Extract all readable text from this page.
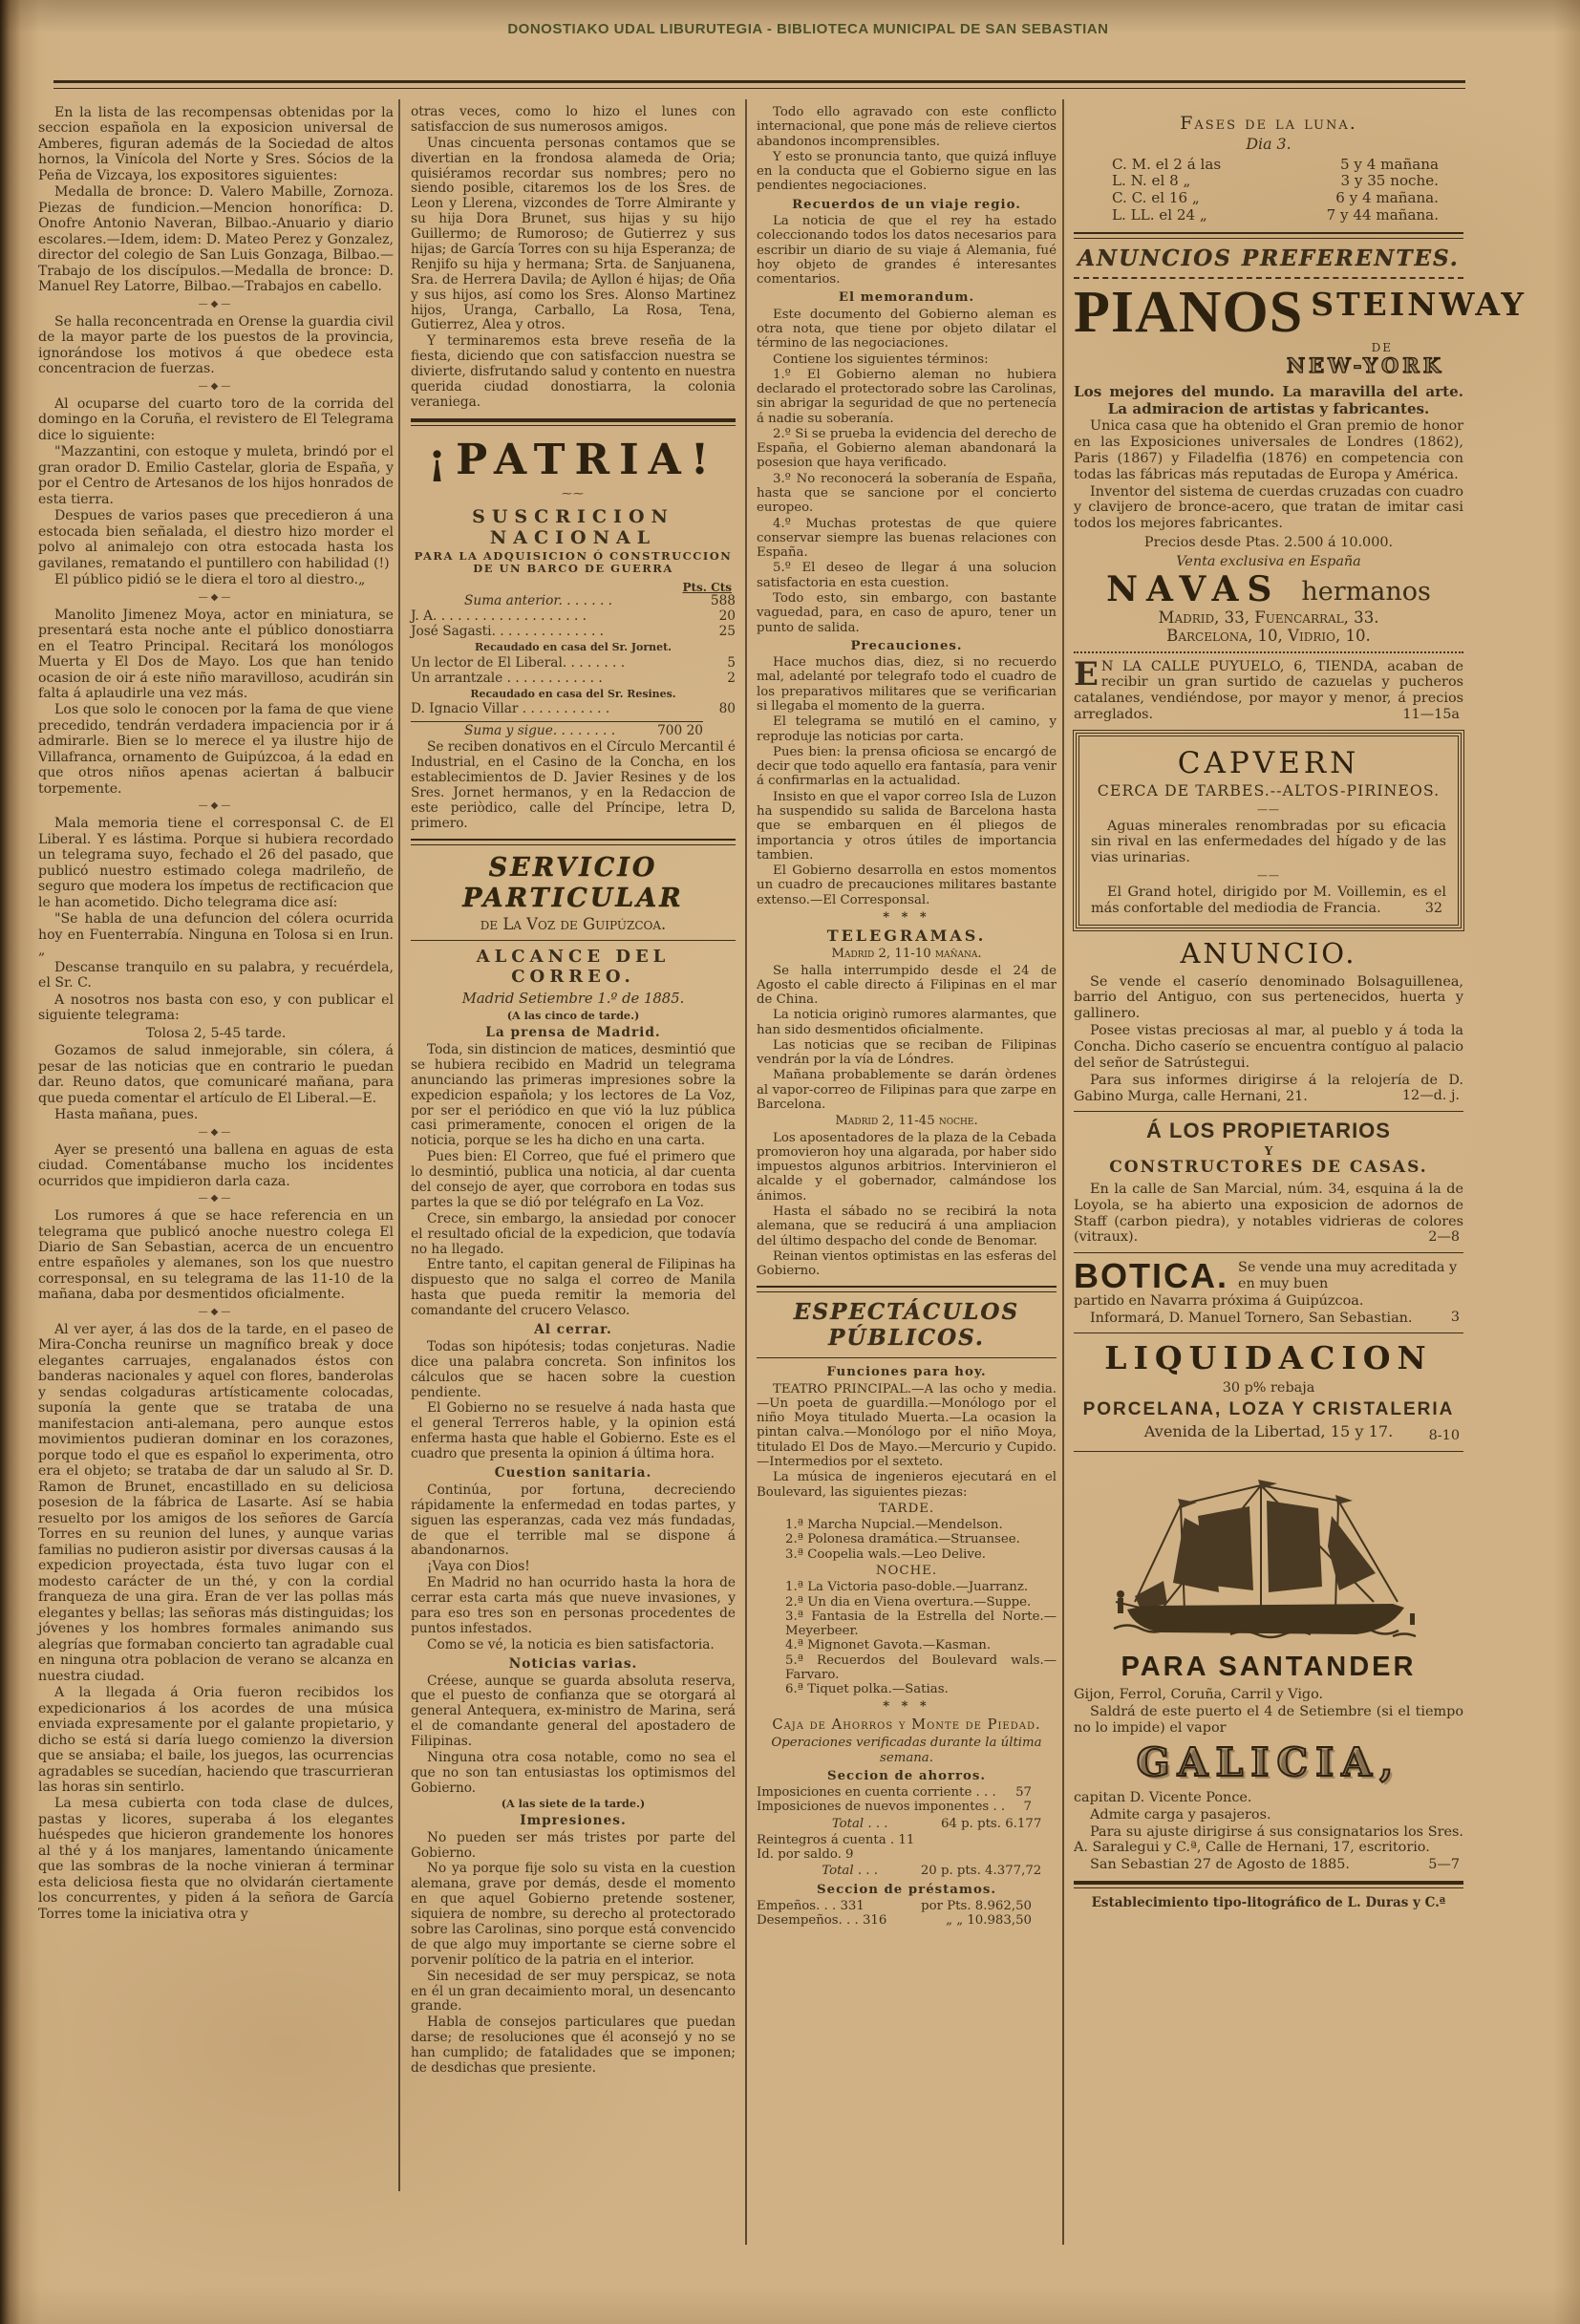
DONOSTIAKO UDAL LIBURUTEGIA - BIBLIOTECA MUNICIPAL DE SAN SEBASTIAN
En la lista de las recompensas obtenidas por la seccion española en la exposicion universal de Amberes, figuran además de la Sociedad de altos hornos, la Vinícola del Norte y Sres. Sócios de la Peña de Vizcaya, los expositores siguientes:
Medalla de bronce: D. Valero Mabille, Zornoza. Piezas de fundicion.—Mencion honorífica: D. Onofre Antonio Naveran, Bilbao.-Anuario y diario escolares.—Idem, idem: D. Mateo Perez y Gonzalez, director del colegio de San Luis Gonzaga, Bilbao.—Trabajo de los discípulos.—Medalla de bronce: D. Manuel Rey Latorre, Bilbao.—Trabajos en cabello.
—◆—
Se halla reconcentrada en Orense la guardia civil de la mayor parte de los puestos de la provincia, ignorándose los motivos á que obedece esta concentracion de fuerzas.
—◆—
Al ocuparse del cuarto toro de la corrida del domingo en la Coruña, el revistero de El Telegrama dice lo siguiente:
"Mazzantini, con estoque y muleta, brindó por el gran orador D. Emilio Castelar, gloria de España, y por el Centro de Artesanos de los hijos honrados de esta tierra.
Despues de varios pases que precedieron á una estocada bien señalada, el diestro hizo morder el polvo al animalejo con otra estocada hasta los gavilanes, rematando el puntillero con habilidad (!)
El público pidió se le diera el toro al diestro.„
—◆—
Manolito Jimenez Moya, actor en miniatura, se presentará esta noche ante el público donostiarra en el Teatro Principal. Recitará los monólogos Muerta y El Dos de Mayo. Los que han tenido ocasion de oir á este niño maravilloso, acudirán sin falta á aplaudirle una vez más.
Los que solo le conocen por la fama de que viene precedido, tendrán verdadera impaciencia por ir á admirarle. Bien se lo merece el ya ilustre hijo de Villafranca, ornamento de Guipúzcoa, á la edad en que otros niños apenas aciertan á balbucir torpemente.
—◆—
Mala memoria tiene el corresponsal C. de El Liberal. Y es lástima. Porque si hubiera recordado un telegrama suyo, fechado el 26 del pasado, que publicó nuestro estimado colega madrileño, de seguro que modera los ímpetus de rectificacion que le han acometido. Dicho telegrama dice así:
"Se habla de una defuncion del cólera ocurrida hoy en Fuenterrabía. Ninguna en Tolosa si en Irun.„
Descanse tranquilo en su palabra, y recuérdela, el Sr. C.
A nosotros nos basta con eso, y con publicar el siguiente telegrama:
Tolosa 2, 5-45 tarde.
Gozamos de salud inmejorable, sin cólera, á pesar de las noticias que en contrario le puedan dar. Reuno datos, que comunicaré mañana, para que pueda comentar el artículo de El Liberal.—E.
Hasta mañana, pues.
—◆—
Ayer se presentó una ballena en aguas de esta ciudad. Comentábanse mucho los incidentes ocurridos que impidieron darla caza.
—◆—
Los rumores á que se hace referencia en un telegrama que publicó anoche nuestro colega El Diario de San Sebastian, acerca de un encuentro entre españoles y alemanes, son los que nuestro corresponsal, en su telegrama de las 11-10 de la mañana, daba por desmentidos oficialmente.
—◆—
Al ver ayer, á las dos de la tarde, en el paseo de Mira-Concha reunirse un magnífico break y doce elegantes carruajes, engalanados éstos con banderas nacionales y aquel con flores, banderolas y sendas colgaduras artísticamente colocadas, suponía la gente que se trataba de una manifestacion anti-alemana, pero aunque estos movimientos pudieran dominar en los corazones, porque todo el que es español lo experimenta, otro era el objeto; se trataba de dar un saludo al Sr. D. Ramon de Brunet, encastillado en su deliciosa posesion de la fábrica de Lasarte. Así se habia resuelto por los amigos de los señores de García Torres en su reunion del lunes, y aunque varias familias no pudieron asistir por diversas causas á la expedicion proyectada, ésta tuvo lugar con el modesto carácter de un thé, y con la cordial franqueza de una gira. Eran de ver las pollas más elegantes y bellas; las señoras más distinguidas; los jóvenes y los hombres formales animando sus alegrías que formaban concierto tan agradable cual en ninguna otra poblacion de verano se alcanza en nuestra ciudad.
A la llegada á Oria fueron recibidos los expedicionarios á los acordes de una música enviada expresamente por el galante propietario, y dicho se está si daría luego comienzo la diversion que se ansiaba; el baile, los juegos, las ocurrencias agradables se sucedían, haciendo que trascurrieran las horas sin sentirlo.
La mesa cubierta con toda clase de dulces, pastas y licores, superaba á los elegantes huéspedes que hicieron grandemente los honores al thé y á los manjares, lamentando únicamente que las sombras de la noche vinieran á terminar esta deliciosa fiesta que no olvidarán ciertamente los concurrentes, y piden á la señora de García Torres tome la iniciativa otra y
otras veces, como lo hizo el lunes con satisfaccion de sus numerosos amigos.
Unas cincuenta personas contamos que se divertian en la frondosa alameda de Oria; quisiéramos recordar sus nombres; pero no siendo posible, citaremos los de los Sres. de Leon y Llerena, vizcondes de Torre Almirante y su hija Dora Brunet, sus hijas y su hijo Guillermo; de Rumoroso; de Gutierrez y sus hijas; de García Torres con su hija Esperanza; de Renjifo su hija y hermana; Srta. de Sanjuanena, Sra. de Herrera Davila; de Ayllon é hijas; de Oña y sus hijos, así como los Sres. Alonso Martinez hijos, Uranga, Carballo, La Rosa, Tena, Gutierrez, Alea y otros.
Y terminaremos esta breve reseña de la fiesta, diciendo que con satisfaccion nuestra se divierte, disfrutando salud y contento en nuestra querida ciudad donostiarra, la colonia veraniega.
¡PATRIA!
⁓⁓
SUSCRICION NACIONAL
PARA LA ADQUISICION Ó CONSTRUCCION DE UN BARCO DE GUERRA
Pts. Cts
Suma anterior. . . . . . .	588
J. A. . . . . . . . . . . . . . . . . . .	20
José Sagasti. . . . . . . . . . . . . .	25
Recaudado en casa del Sr. Jornet.
Un lector de El Liberal. . . . . . . .	5
Un arrantzale . . . . . . . . . . . .	2
Recaudado en casa del Sr. Resines.
D. Ignacio Villar . . . . . . . . . . .	80
Suma y sigue. . . . . . . .	700 20
Se reciben donativos en el Círculo Mercantil é Industrial, en el Casino de la Concha, en los establecimientos de D. Javier Resines y de los Sres. Jornet hermanos, y en la Redaccion de este periòdico, calle del Príncipe, letra D, primero.
SERVICIO PARTICULAR
de La Voz de Guipúzcoa.
ALCANCE DEL CORREO.
Madrid Setiembre 1.º de 1885.
(A las cinco de tarde.)
La prensa de Madrid.
Toda, sin distincion de matices, desmintió que se hubiera recibido en Madrid un telegrama anunciando las primeras impresiones sobre la expedicion española; y los lectores de La Voz, por ser el periódico en que vió la luz pública casi primeramente, conocen el origen de la noticia, porque se les ha dicho en una carta.
Pues bien: El Correo, que fué el primero que lo desmintió, publica una noticia, al dar cuenta del consejo de ayer, que corrobora en todas sus partes la que se dió por telégrafo en La Voz.
Crece, sin embargo, la ansiedad por conocer el resultado oficial de la expedicion, que todavía no ha llegado.
Entre tanto, el capitan general de Filipinas ha dispuesto que no salga el correo de Manila hasta que pueda remitir la memoria del comandante del crucero Velasco.
Al cerrar.
Todas son hipótesis; todas conjeturas. Nadie dice una palabra concreta. Son infinitos los cálculos que se hacen sobre la cuestion pendiente.
El Gobierno no se resuelve á nada hasta que el general Terreros hable, y la opinion está enferma hasta que hable el Gobierno. Este es el cuadro que presenta la opinion á última hora.
Cuestion sanitaria.
Continúa, por fortuna, decreciendo rápidamente la enfermedad en todas partes, y siguen las esperanzas, cada vez más fundadas, de que el terrible mal se dispone á abandonarnos.
¡Vaya con Dios!
En Madrid no han ocurrido hasta la hora de cerrar esta carta más que nueve invasiones, y para eso tres son en personas procedentes de puntos infestados.
Como se vé, la noticia es bien satisfactoria.
Noticias varias.
Créese, aunque se guarda absoluta reserva, que el puesto de confianza que se otorgará al general Antequera, ex-ministro de Marina, será el de comandante general del apostadero de Filipinas.
Ninguna otra cosa notable, como no sea el que no son tan entusiastas los optimismos del Gobierno.
(A las siete de la tarde.)
Impresiones.
No pueden ser más tristes por parte del Gobierno.
No ya porque fije solo su vista en la cuestion alemana, grave por demás, desde el momento en que aquel Gobierno pretende sostener, siquiera de nombre, su derecho al protectorado sobre las Carolinas, sino porque está convencido de que algo muy importante se cierne sobre el porvenir político de la patria en el interior.
Sin necesidad de ser muy perspicaz, se nota en él un gran decaimiento moral, un desencanto grande.
Habla de consejos particulares que puedan darse; de resoluciones que él aconsejó y no se han cumplido; de fatalidades que se imponen; de desdichas que presiente.
Todo ello agravado con este conflicto internacional, que pone más de relieve ciertos abandonos incomprensibles.
Y esto se pronuncia tanto, que quizá influye en la conducta que el Gobierno sigue en las pendientes negociaciones.
Recuerdos de un viaje regio.
La noticia de que el rey ha estado coleccionando todos los datos necesarios para escribir un diario de su viaje á Alemania, fué hoy objeto de grandes é interesantes comentarios.
El memorandum.
Este documento del Gobierno aleman es otra nota, que tiene por objeto dilatar el término de las negociaciones.
Contiene los siguientes términos:
1.º El Gobierno aleman no hubiera declarado el protectorado sobre las Carolinas, sin abrigar la seguridad de que no pertenecía á nadie su soberanía.
2.º Si se prueba la evidencia del derecho de España, el Gobierno aleman abandonará la posesion que haya verificado.
3.º No reconocerá la soberanía de España, hasta que se sancione por el concierto europeo.
4.º Muchas protestas de que quiere conservar siempre las buenas relaciones con España.
5.º El deseo de llegar á una solucion satisfactoria en esta cuestion.
Todo esto, sin embargo, con bastante vaguedad, para, en caso de apuro, tener un punto de salida.
Precauciones.
Hace muchos dias, diez, si no recuerdo mal, adelanté por telegrafo todo el cuadro de los preparativos militares que se verificarian si llegaba el momento de la guerra.
El telegrama se mutiló en el camino, y reproduje las noticias por carta.
Pues bien: la prensa oficiosa se encargó de decir que todo aquello era fantasía, para venir á confirmarlas en la actualidad.
Insisto en que el vapor correo Isla de Luzon ha suspendido su salida de Barcelona hasta que se embarquen en él pliegos de importancia y otros útiles de importancia tambien.
El Gobierno desarrolla en estos momentos un cuadro de precauciones militares bastante extenso.—El Corresponsal.
* * *
TELEGRAMAS.
Madrid 2, 11-10 mañana.
Se halla interrumpido desde el 24 de Agosto el cable directo á Filipinas en el mar de China.
La noticia originò rumores alarmantes, que han sido desmentidos oficialmente.
Las noticias que se reciban de Filipinas vendrán por la vía de Lóndres.
Mañana probablemente se darán òrdenes al vapor-correo de Filipinas para que zarpe en Barcelona.
Madrid 2, 11-45 noche.
Los aposentadores de la plaza de la Cebada promovieron hoy una algarada, por haber sido impuestos algunos arbitrios. Intervinieron el alcalde y el gobernador, calmándose los ánimos.
Hasta el sábado no se recibirá la nota alemana, que se reducirá á una ampliacion del último despacho del conde de Benomar.
Reinan vientos optimistas en las esferas del Gobierno.
ESPECTÁCULOS PÚBLICOS.
Funciones para hoy.
TEATRO PRINCIPAL.—A las ocho y media.—Un poeta de guardilla.—Monólogo por el niño Moya titulado Muerta.—La ocasion la pintan calva.—Monólogo por el niño Moya, titulado El Dos de Mayo.—Mercurio y Cupido.—Intermedios por el sexteto.
La música de ingenieros ejecutará en el Boulevard, las siguientes piezas:
TARDE.
1.ª Marcha Nupcial.—Mendelson.
2.ª Polonesa dramática.—Struansee.
3.ª Coopelia wals.—Leo Delive.
NOCHE.
1.ª La Victoria paso-doble.—Juarranz.
2.ª Un dia en Viena overtura.—Suppe.
3.ª Fantasia de la Estrella del Norte.—Meyerbeer.
4.ª Mignonet Gavota.—Kasman.
5.ª Recuerdos del Boulevard wals.—Farvaro.
6.ª Tiquet polka.—Satias.
* * *
Caja de Ahorros y Monte de Piedad.
Operaciones verificadas durante la última semana.
Seccion de ahorros.
Imposiciones en cuenta corriente . . . 57
Imposiciones de nuevos imponentes . . 7
Total . . .	64 p. pts. 6.177
Reintegros á cuenta . 11
Id. por saldo. 9
Total . . .	20 p. pts. 4.377,72
Seccion de préstamos.
Empeños. . . 331	por Pts. 8.962,50
Desempeños. . . 316	„ „ 10.983,50
Fases de la luna.
Dia 3.
C. M. el 2 á las	5 y 4 mañana
L. N. el 8 „	3 y 35 noche.
C. C. el 16 „	6 y 4 mañana.
L. LL. el 24 „	7 y 44 mañana.
ANUNCIOS PREFERENTES.
PIANOS STEINWAY
DE
NEW-YORK
Los mejores del mundo. La maravilla del arte. La admiracion de artistas y fabricantes.
Unica casa que ha obtenido el Gran premio de honor en las Exposiciones universales de Londres (1862), Paris (1867) y Filadelfia (1876) en competencia con todas las fábricas más reputadas de Europa y América.
Inventor del sistema de cuerdas cruzadas con cuadro y clavijero de bronce-acero, que tratan de imitar casi todos los mejores fabricantes.
Precios desde Ptas. 2.500 á 10.000.
Venta exclusiva en España
NAVAS hermanos
Madrid, 33, Fuencarral, 33.
Barcelona, 10, Vidrio, 10.
EN LA CALLE PUYUELO, 6, TIENDA, acaban de recibir un gran surtido de cazuelas y pucheros catalanes, vendiéndose, por mayor y menor, á precios arreglados.	11—15a
CAPVERN
CERCA DE TARBES.--ALTOS-PIRINEOS.
——
Aguas minerales renombradas por su eficacia sin rival en las enfermedades del hígado y de las vias urinarias.
——
El Grand hotel, dirigido por M. Voillemin, es el más confortable del mediodia de Francia.	32
ANUNCIO.
Se vende el caserío denominado Bolsaguillenea, barrio del Antiguo, con sus pertenecidos, huerta y gallinero.
Posee vistas preciosas al mar, al pueblo y á toda la Concha. Dicho caserío se encuentra contíguo al palacio del señor de Satrústegui.
Para sus informes dirigirse á la relojería de D. Gabino Murga, calle Hernani, 21.	12—d. j.
Á LOS PROPIETARIOS
Y
CONSTRUCTORES DE CASAS.
En la calle de San Marcial, núm. 34, esquina á la de Loyola, se ha abierto una exposicion de adornos de Staff (carbon piedra), y notables vidrieras de colores (vitraux).	2—8
BOTICA. Se vende una muy acreditada y en muy buen
partido en Navarra próxima á Guipúzcoa.
Informará, D. Manuel Tornero, San Sebastian.	3
LIQUIDACION
30 p% rebaja
PORCELANA, LOZA Y CRISTALERIA
Avenida de la Libertad, 15 y 17.	8-10
PARA SANTANDER
Gijon, Ferrol, Coruña, Carril y Vigo.
Saldrá de este puerto el 4 de Setiembre (si el tiempo no lo impide) el vapor
GALICIA,
capitan D. Vicente Ponce.
Admite carga y pasajeros.
Para su ajuste dirigirse á sus consignatarios los Sres. A. Saralegui y C.ª, Calle de Hernani, 17, escritorio.
San Sebastian 27 de Agosto de 1885.	5—7
Establecimiento tipo-litográfico de L. Duras y C.ª
